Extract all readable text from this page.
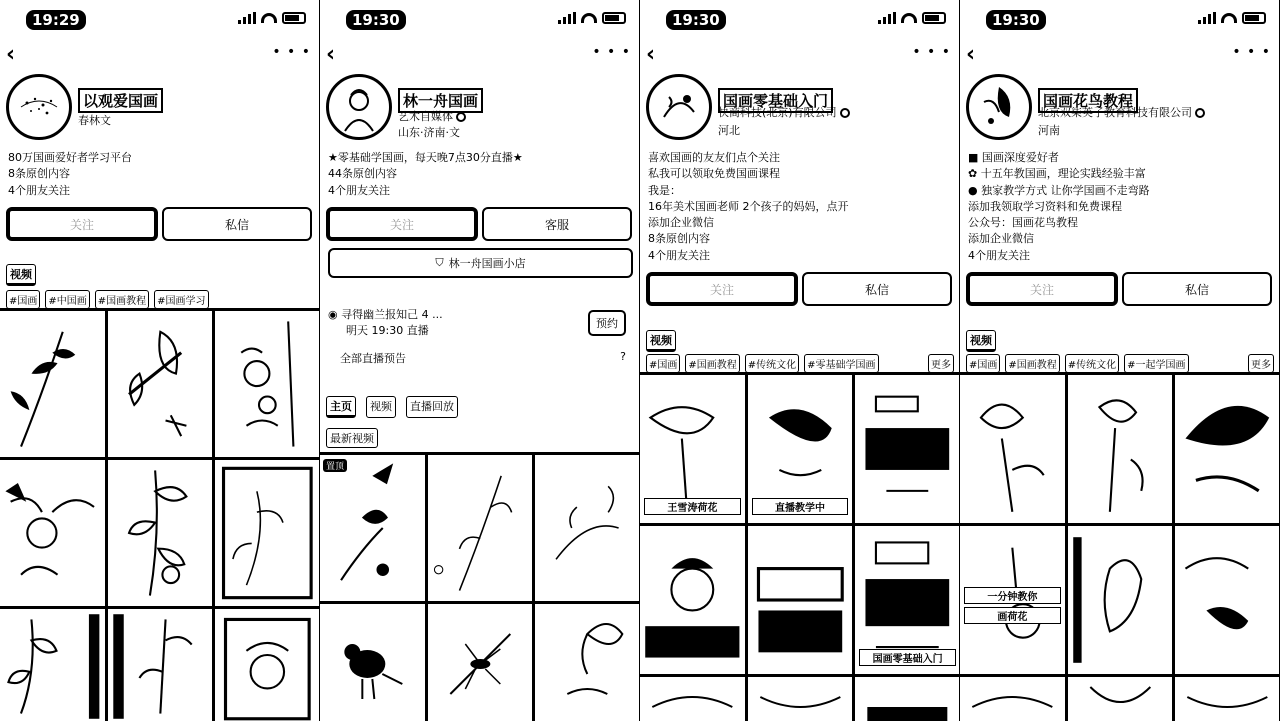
19:29
‹	• • •
以观爱国画
春林文
80万国画爱好者学习平台
8条原创内容
4个朋友关注
关注	私信
视频
#国画	#中国画	#国画教程	#国画学习
19:30
‹	• • •
林一舟国画
艺术自媒体
山东·济南·文
★零基础学国画，每天晚7点30分直播★
44条原创内容
4个朋友关注
关注	客服
⛉ 林一舟国画小店
◉ 寻得幽兰报知己 4 ...
明天 19:30 直播
预约
全部直播预告	?
主页	视频	直播回放
最新视频
置顶
19:30
‹	• • •
国画零基础入门
快商科技(北京)有限公司
河北
喜欢国画的友友们点个关注
私我可以领取免费国画课程
我是：
16年美术国画老师 2个孩子的妈妈，点开
添加企业微信
8条原创内容
4个朋友关注
关注	私信
视频
#国画	#国画教程	#传统文化	#零基础学国画	更多
王雪涛荷花	直播教学中
国画零基础入门
19:30
‹	• • •
国画花鸟教程
北京双柒英子教育科技有限公司
河南
■ 国画深度爱好者
✿ 十五年教国画，理论实践经验丰富
● 独家教学方式 让你学国画不走弯路
添加我领取学习资料和免费课程
公众号：国画花鸟教程
添加企业微信
4个朋友关注
关注	私信
视频
#国画	#国画教程	#传统文化	#一起学国画	更多
一分钟教你
画荷花
